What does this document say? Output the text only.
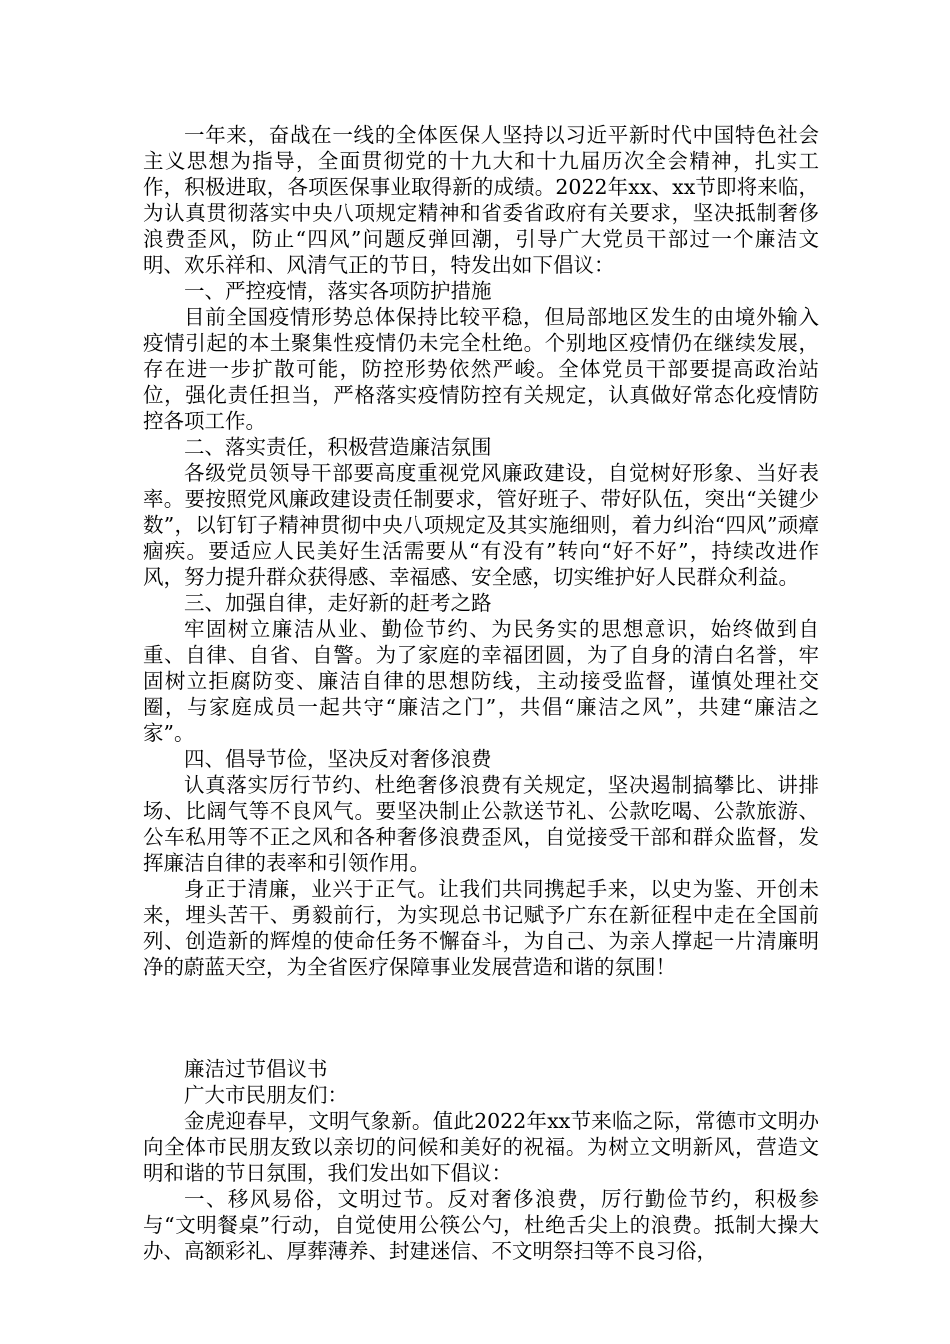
一年来，奋战在一线的全体医保人坚持以习近平新时代中国特色社会主义思想为指导，全面贯彻党的十九大和十九届历次全会精神，扎实工作，积极进取，各项医保事业取得新的成绩。2022年xx、xx节即将来临，为认真贯彻落实中央八项规定精神和省委省政府有关要求，坚决抵制奢侈浪费歪风，防止“四风”问题反弹回潮，引导广大党员干部过一个廉洁文明、欢乐祥和、风清气正的节日，特发出如下倡议：

一、严控疫情，落实各项防护措施

目前全国疫情形势总体保持比较平稳，但局部地区发生的由境外输入疫情引起的本土聚集性疫情仍未完全杜绝。个别地区疫情仍在继续发展，存在进一步扩散可能，防控形势依然严峻。全体党员干部要提高政治站位，强化责任担当，严格落实疫情防控有关规定，认真做好常态化疫情防控各项工作。

二、落实责任，积极营造廉洁氛围

各级党员领导干部要高度重视党风廉政建设，自觉树好形象、当好表率。要按照党风廉政建设责任制要求，管好班子、带好队伍，突出“关键少数”，以钉钉子精神贯彻中央八项规定及其实施细则，着力纠治“四风”顽瘴痼疾。要适应人民美好生活需要从“有没有”转向“好不好”，持续改进作风，努力提升群众获得感、幸福感、安全感，切实维护好人民群众利益。

三、加强自律，走好新的赶考之路

牢固树立廉洁从业、勤俭节约、为民务实的思想意识，始终做到自重、自律、自省、自警。为了家庭的幸福团圆，为了自身的清白名誉，牢固树立拒腐防变、廉洁自律的思想防线，主动接受监督，谨慎处理社交圈，与家庭成员一起共守“廉洁之门”，共倡“廉洁之风”，共建“廉洁之家”。

四、倡导节俭，坚决反对奢侈浪费

认真落实厉行节约、杜绝奢侈浪费有关规定，坚决遏制搞攀比、讲排场、比阔气等不良风气。要坚决制止公款送节礼、公款吃喝、公款旅游、公车私用等不正之风和各种奢侈浪费歪风，自觉接受干部和群众监督，发挥廉洁自律的表率和引领作用。

身正于清廉，业兴于正气。让我们共同携起手来，以史为鉴、开创未来，埋头苦干、勇毅前行，为实现总书记赋予广东在新征程中走在全国前列、创造新的辉煌的使命任务不懈奋斗，为自己、为亲人撑起一片清廉明净的蔚蓝天空，为全省医疗保障事业发展营造和谐的氛围！

廉洁过节倡议书

广大市民朋友们：

金虎迎春早，文明气象新。值此2022年xx节来临之际，常德市文明办向全体市民朋友致以亲切的问候和美好的祝福。为树立文明新风，营造文明和谐的节日氛围，我们发出如下倡议：

一、移风易俗，文明过节。反对奢侈浪费，厉行勤俭节约，积极参与“文明餐桌”行动，自觉使用公筷公勺，杜绝舌尖上的浪费。抵制大操大办、高额彩礼、厚葬薄养、封建迷信、不文明祭扫等不良习俗，
